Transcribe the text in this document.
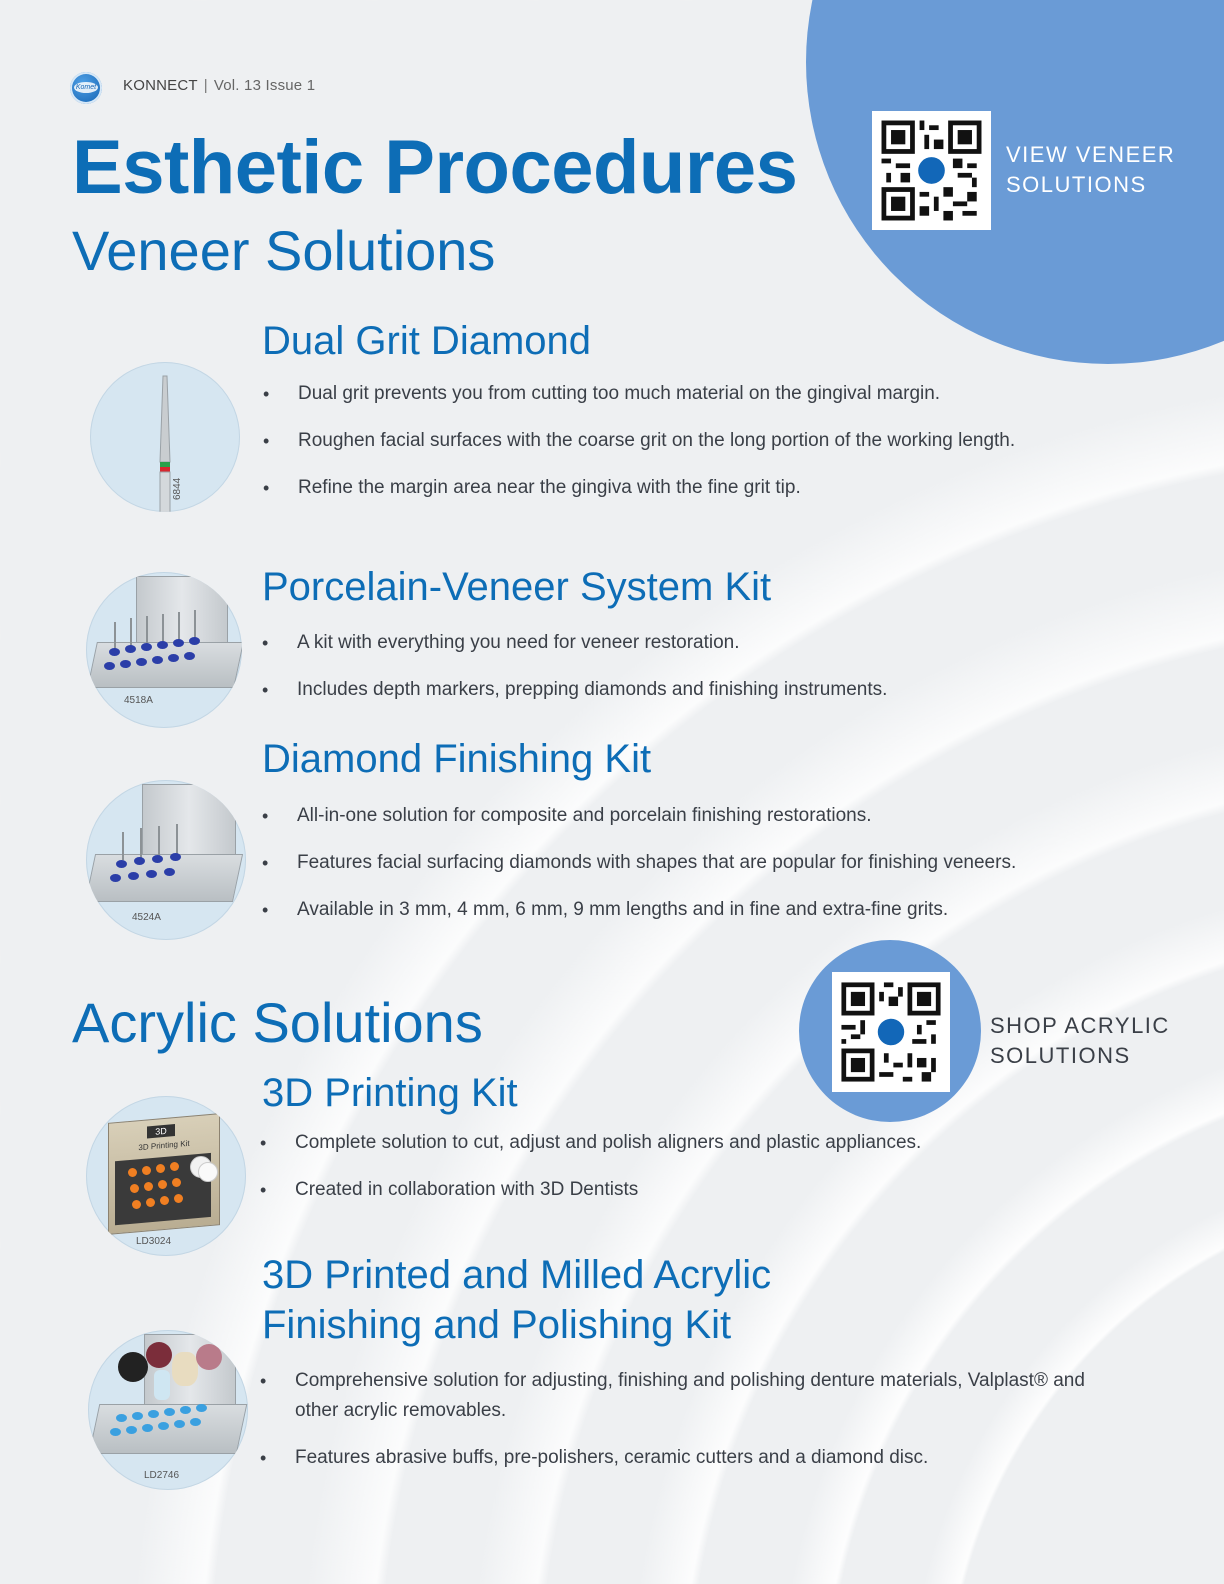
Komet KONNECT | Vol. 13 Issue 1
Esthetic Procedures
Veneer Solutions
VIEW VENEER
SOLUTIONS
Dual Grit Diamond
6844
• Dual grit prevents you from cutting too much material on the gingival margin.
• Roughen facial surfaces with the coarse grit on the long portion of the working length.
• Refine the margin area near the gingiva with the fine grit tip.
Porcelain-Veneer System Kit
4518A
• A kit with everything you need for veneer restoration.
• Includes depth markers, prepping diamonds and finishing instruments.
Diamond Finishing Kit
4524A
• All-in-one solution for composite and porcelain finishing restorations.
• Features facial surfacing diamonds with shapes that are popular for finishing veneers.
• Available in 3 mm, 4 mm, 6 mm, 9 mm lengths and in fine and extra-fine grits.
Acrylic Solutions	SHOP ACRYLIC
SOLUTIONS
3D Printing Kit
3D
3D Printing Kit
LD3024
• Complete solution to cut, adjust and polish aligners and plastic appliances.
• Created in collaboration with 3D Dentists
3D Printed and Milled Acrylic
Finishing and Polishing Kit
LD2746
• Comprehensive solution for adjusting, finishing and polishing denture materials, Valplast® and other acrylic removables.
• Features abrasive buffs, pre-polishers, ceramic cutters and a diamond disc.
